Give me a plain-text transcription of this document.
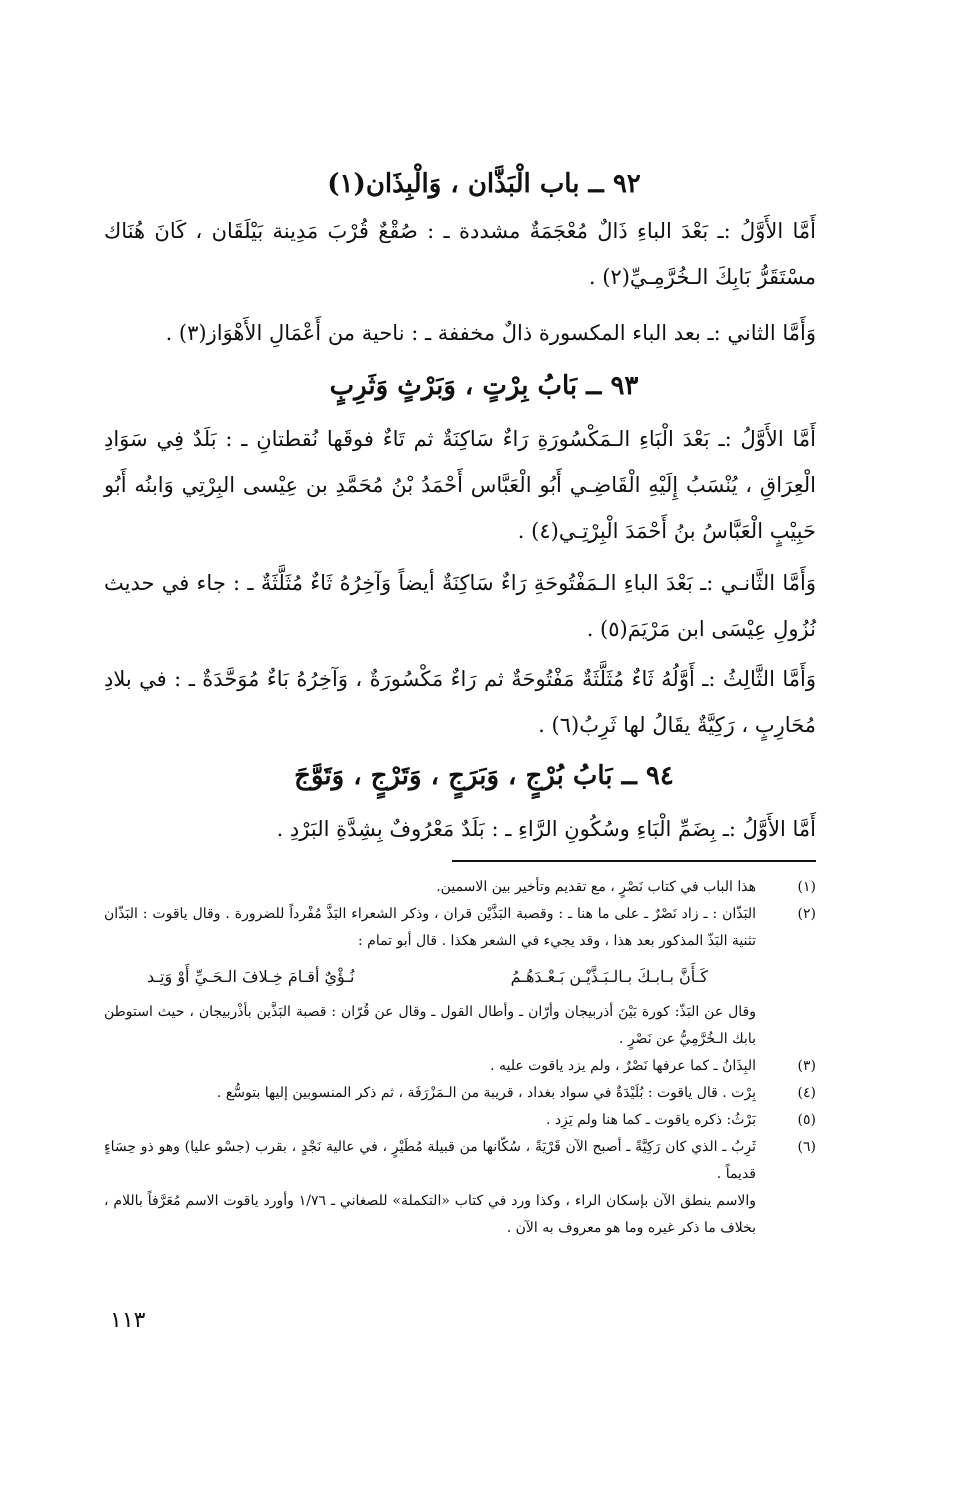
٩٢ ــ باب الْبَذَّان ، وَالْبِذَان(١)
أَمَّا الأَوَّلُ :ـ بَعْدَ الباءِ ذَالٌ مُعْجَمَةٌ مشددة ـ : صُقْعٌ قُرْبَ مَدِينة بَيْلَقَان ، كَانَ هُنَاك مسْتَقَرُّ بَابِكَ الـخُرَّمِـيِّ(٢) .
وَأَمَّا الثاني :ـ بعد الباء المكسورة ذالٌ مخففة ـ : ناحية من أَعْمَالِ الأَهْوَاز(٣) .
٩٣ ــ بَابُ بِرْتٍ ، وَبَرْثٍ وَثَرِبٍ
أَمَّا الأَوَّلُ :ـ بَعْدَ الْبَاءِ الـمَكْسُورَةِ رَاءٌ سَاكِنَةٌ ثم تَاءٌ فوقَها نُقطتانِ ـ : بَلَدٌ فِي سَوَادِ الْعِرَاقِ ، يُنْسَبُ إِلَيْهِ الْقَاضِـي أَبُو الْعَبَّاس أَحْمَدُ بْنُ مُحَمَّدِ بن عِيْسى البِرْتِي وَابنُه أَبُو حَبِيْبٍ الْعَبَّاسُ بنُ أَحْمَدَ الْبِرْتِـي(٤) .
وَأَمَّا الثَّانـي :ـ بَعْدَ الباءِ الـمَفْتُوحَةِ رَاءٌ سَاكِنَةٌ أيضاً وَآخِرُهُ ثَاءٌ مُثَلَّثَةٌ ـ : جاء في حديث نُزُولِ عِيْسَى ابن مَرْيَمَ(٥) .
وَأَمَّا الثَّالِثُ :ـ أَوَّلُهُ ثَاءٌ مُثَلَّثَةٌ مَفْتُوحَةٌ ثم رَاءٌ مَكْسُورَةٌ ، وَآخِرُهُ بَاءٌ مُوَحَّدَةٌ ـ : في بلادِ مُحَارِبٍ ، رَكِيَّةٌ يقَالُ لها ثَرِبُ(٦) .
٩٤ ــ بَابُ بُرْجٍ ، وَبَرَجٍ ، وَتَرْجٍ ، وَتَوَّجَ
أَمَّا الأَوَّلُ :ـ بِضَمِّ الْبَاءِ وسُكُونِ الرَّاءِ ـ : بَلَدٌ مَعْرُوفٌ بِشِدَّةِ البَرْدِ .
(١)
هذا الباب في كتاب نَصْرٍ ، مع تقديم وتأخير بين الاسمين.
(٢)
البَذّان : ـ زاد نَصْرٌ ـ على ما هنا ـ : وقصبة البَذَّيْن قران ، وذكر الشعراء البَذَّ مُفْرداً للضرورة . وقال ياقوت : البَذّان تثنية البَذّ المذكور بعد هذا ، وقد يجيء في الشعر هكذا . قال أبو تمام :
كَـأَنَّ بـابـكَ بـالـبَـذَّيْـن بَـعْـدَهُـمُ
نُـؤْيٌ أقـامَ خِـلافَ الـحَـيِّ أَوْ وَتِـد
وقال عن البَذّ: كورة بَيْنَ أذربيجان وأرّان ـ وأطال القول ـ وقال عن قُرّان : قصبة البَذَّين بأذْربيجان ، حيث استوطن بابك الـخُرَّمِيُّ عن نَصْرٍ .
(٣)
البِذَانُ ـ كما عرفها نَصْرٌ ، ولم يزد ياقوت عليه .
(٤)
بِرْت . قال ياقوت : بُلَيْدَةٌ في سواد بغداد ، قريبة من الـمَزْرَفَة ، ثم ذكر المنسوبين إليها بتوسُّع .
(٥)
بَرْثُ: ذكره ياقوت ـ كما هنا ولم يَزِد .
(٦)
ثَرِبُ ـ الذي كان رَكِيَّةً ـ أصبح الآن قَرْيَةً ، سُكّانها من قبيلة مُطَيْرٍ ، في عالية نَجْدٍ ، بقرب (جسْو عليا) وهو ذو حِسَاءٍ قديماً .
والاسم ينطق الآن بإسكان الراء ، وكذا ورد في كتاب «التكملة» للصغاني ـ ١/٧٦ وأورد ياقوت الاسم مُعَرَّفاً باللام ، بخلاف ما ذكر غيره وما هو معروف به الآن .
١١٣
